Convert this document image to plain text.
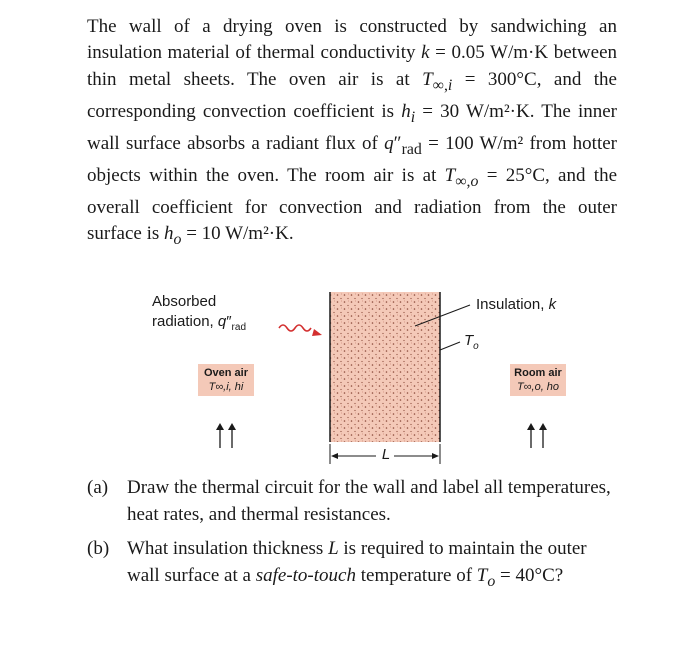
The wall of a drying oven is constructed by sandwiching an insulation material of thermal conductivity k = 0.05 W/m·K between thin metal sheets. The oven air is at $T_{\infty,i} = 300^\circ C$, and the corresponding convection coefficient is $h_i = 30$ W/m²·K. The inner wall surface absorbs a radiant flux of $q''_{rad} = 100$ W/m² from hotter objects within the oven. The room air is at $T_{\infty,o} = 25^\circ C$, and the overall coefficient for convection and radiation from the outer surface is $h_o = 10$ W/m²·K.
Absorbed
radiation, $q''_{rad}$
Insulation, k
$T_o$
Oven air
T∞,i, hi
Room air
T∞,o, ho
L
(a) Draw the thermal circuit for the wall and label all temperatures, heat rates, and thermal resistances.
(b) What insulation thickness L is required to maintain the outer wall surface at a safe-to-touch temperature of $T_o = 40^\circ C$?
